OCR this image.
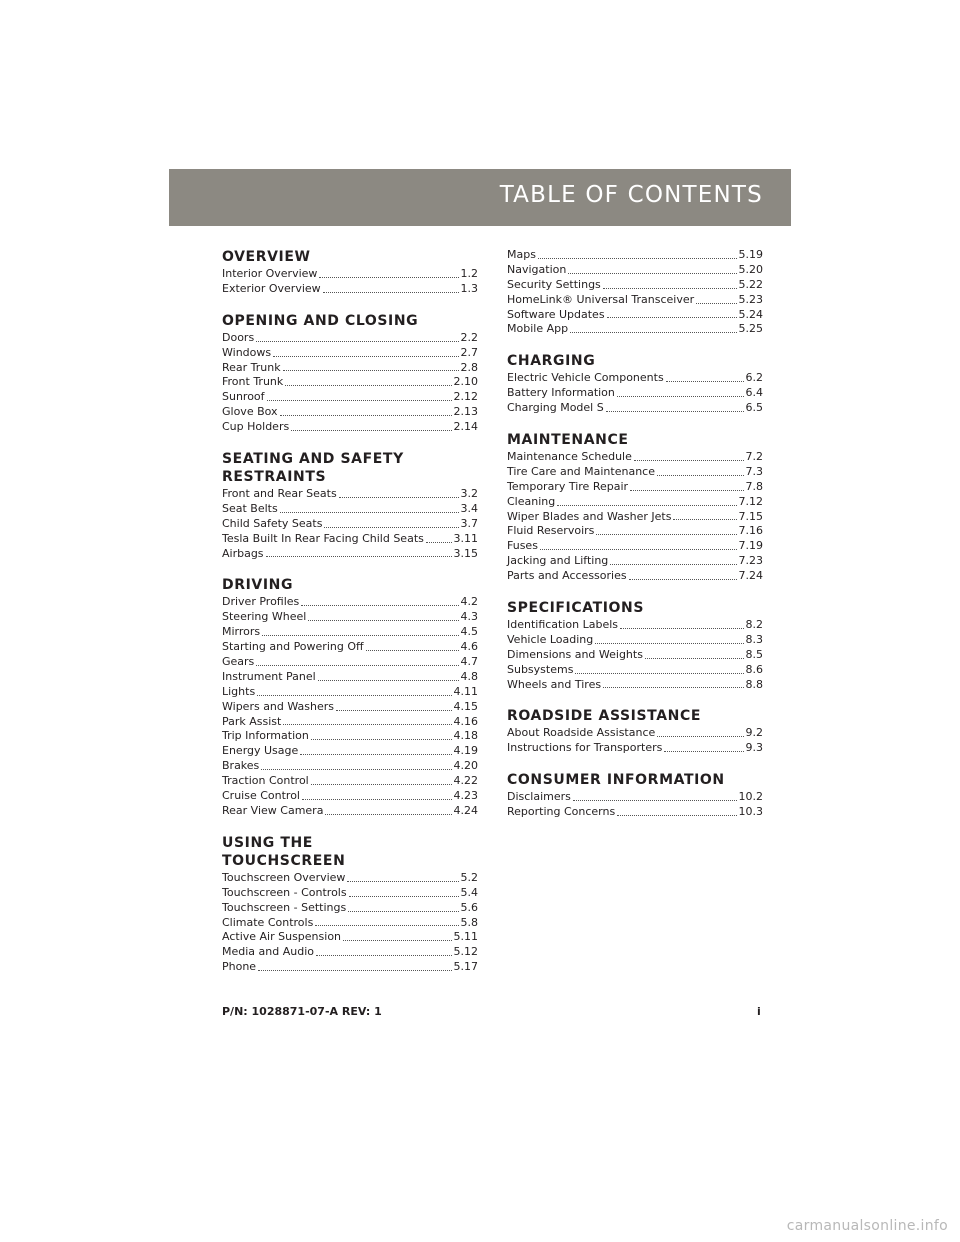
TABLE OF CONTENTS
OVERVIEW
Interior Overview	1.2
Exterior Overview	1.3
OPENING AND CLOSING
Doors	2.2
Windows	2.7
Rear Trunk	2.8
Front Trunk	2.10
Sunroof	2.12
Glove Box	2.13
Cup Holders	2.14
SEATING AND SAFETY RESTRAINTS
Front and Rear Seats	3.2
Seat Belts	3.4
Child Safety Seats	3.7
Tesla Built In Rear Facing Child Seats	3.11
Airbags	3.15
DRIVING
Driver Profiles	4.2
Steering Wheel	4.3
Mirrors	4.5
Starting and Powering Off	4.6
Gears	4.7
Instrument Panel	4.8
Lights	4.11
Wipers and Washers	4.15
Park Assist	4.16
Trip Information	4.18
Energy Usage	4.19
Brakes	4.20
Traction Control	4.22
Cruise Control	4.23
Rear View Camera	4.24
USING THE TOUCHSCREEN
Touchscreen Overview	5.2
Touchscreen - Controls	5.4
Touchscreen - Settings	5.6
Climate Controls	5.8
Active Air Suspension	5.11
Media and Audio	5.12
Phone	5.17
Maps	5.19
Navigation	5.20
Security Settings	5.22
HomeLink® Universal Transceiver	5.23
Software Updates	5.24
Mobile App	5.25
CHARGING
Electric Vehicle Components	6.2
Battery Information	6.4
Charging Model S	6.5
MAINTENANCE
Maintenance Schedule	7.2
Tire Care and Maintenance	7.3
Temporary Tire Repair	7.8
Cleaning	7.12
Wiper Blades and Washer Jets	7.15
Fluid Reservoirs	7.16
Fuses	7.19
Jacking and Lifting	7.23
Parts and Accessories	7.24
SPECIFICATIONS
Identification Labels	8.2
Vehicle Loading	8.3
Dimensions and Weights	8.5
Subsystems	8.6
Wheels and Tires	8.8
ROADSIDE ASSISTANCE
About Roadside Assistance	9.2
Instructions for Transporters	9.3
CONSUMER INFORMATION
Disclaimers	10.2
Reporting Concerns	10.3
P/N: 1028871-07-A REV: 1	i
carmanualsonline.info
